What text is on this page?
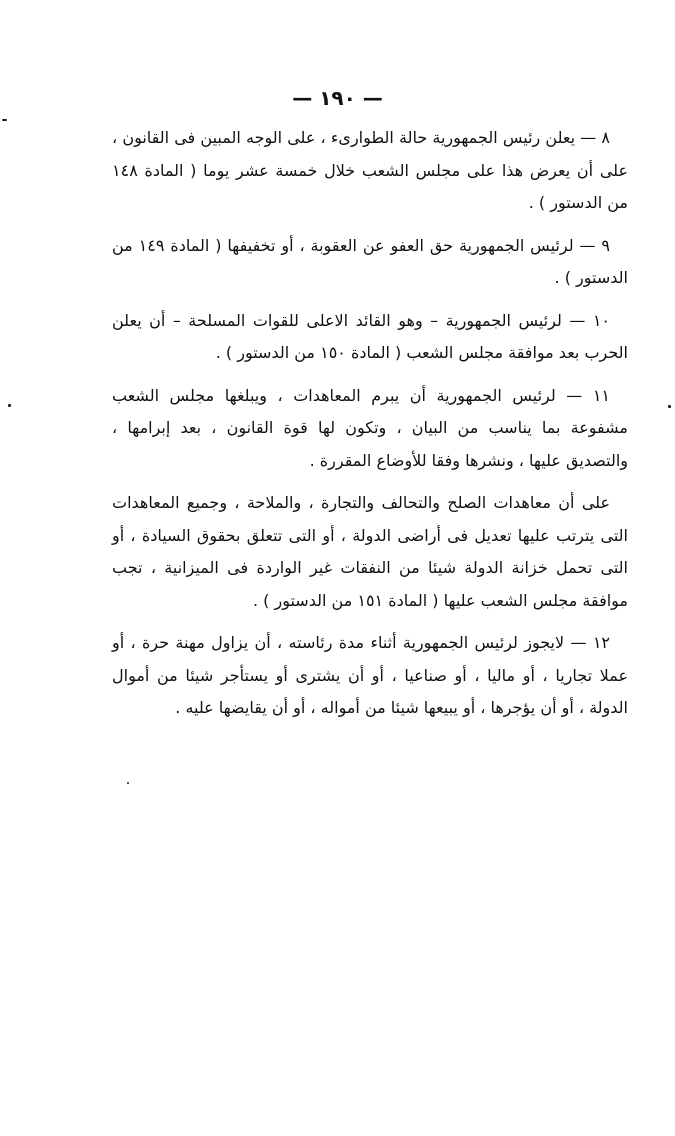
— ١٩٠ —

٨ — يعلن رئيس الجمهورية حالة الطوارىء ، على الوجه المبين فى القانون ، على أن يعرض هذا على مجلس الشعب خلال خمسة عشر يوما ( المادة ١٤٨ من الدستور ) .

٩ — لرئيس الجمهورية حق العفو عن العقوبة ، أو تخفيفها ( المادة ١٤٩ من الدستور ) .

١٠ — لرئيس الجمهورية – وهو القائد الاعلى للقوات المسلحة – أن يعلن الحرب بعد موافقة مجلس الشعب ( المادة ١٥٠ من الدستور ) .

١١ — لرئيس الجمهورية أن يبرم المعاهدات ، ويبلغها مجلس الشعب مشفوعة بما يناسب من البيان ، وتكون لها قوة القانون ، بعد إبرامها ، والتصديق عليها ، ونشرها وفقا للأوضاع المقررة .

على أن معاهدات الصلح والتحالف والتجارة ، والملاحة ، وجميع المعاهدات التى يترتب عليها تعديل فى أراضى الدولة ، أو التى تتعلق بحقوق السيادة ، أو التى تحمل خزانة الدولة شيئا من النفقات غير الواردة فى الميزانية ، تجب موافقة مجلس الشعب عليها ( المادة ١٥١ من الدستور ) .

١٢ — لايجوز لرئيس الجمهورية أثناء مدة رئاسته ، أن يزاول مهنة حرة ، أو عملا تجاريا ، أو ماليا ، أو صناعيا ، أو أن يشترى أو يستأجر شيئا من أموال الدولة ، أو أن يؤجرها ، أو يبيعها شيئا من أمواله ، أو أن يقايضها عليه .
